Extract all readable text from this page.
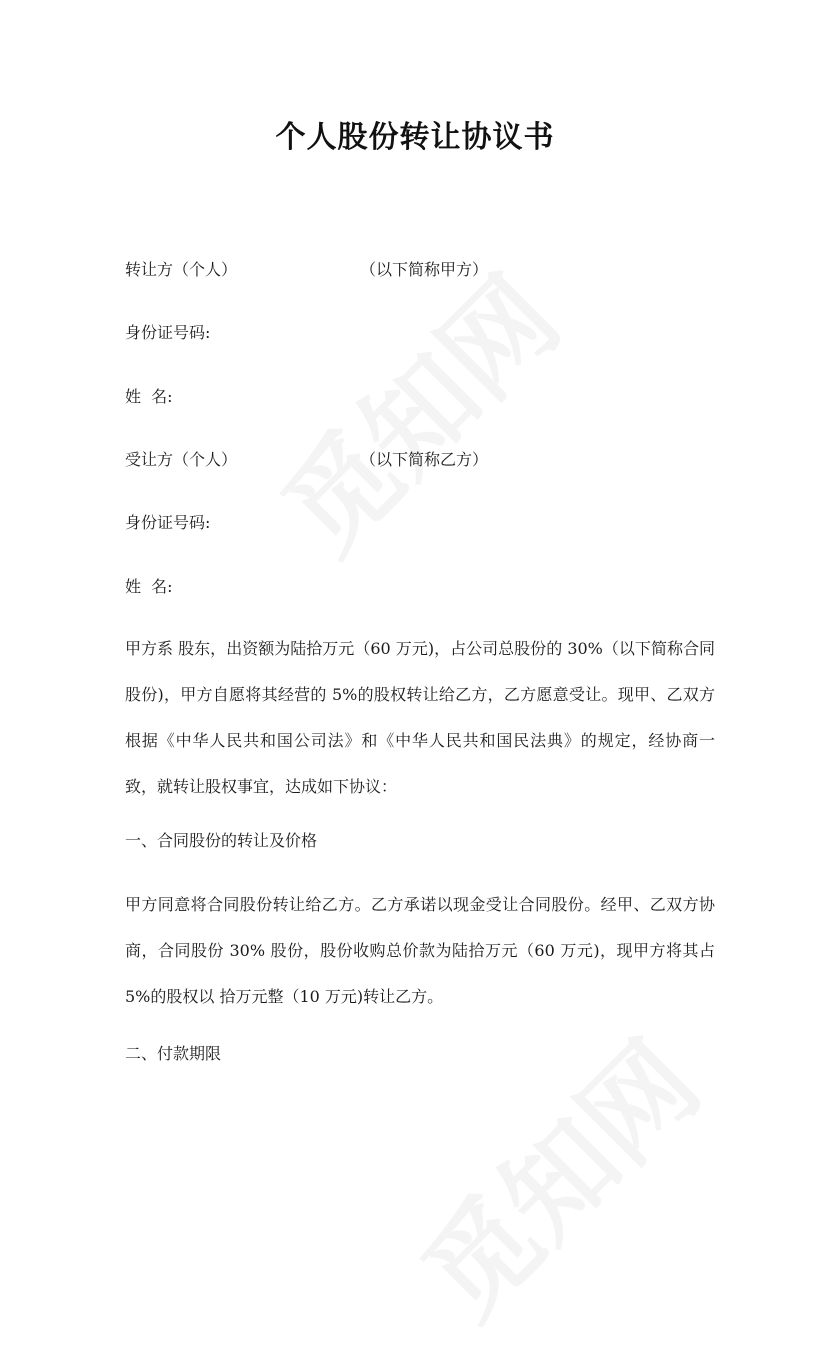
个人股份转让协议书
转让方（个人）	（以下简称甲方）
身份证号码:
姓  名:
受让方（个人）	（以下简称乙方）
身份证号码:
姓  名:
甲方系 股东，出资额为陆拾万元（60 万元)，占公司总股份的 30%（以下简称合同股份)，甲方自愿将其经营的 5%的股权转让给乙方，乙方愿意受让。现甲、乙双方根据《中华人民共和国公司法》和《中华人民共和国民法典》的规定，经协商一致，就转让股权事宜，达成如下协议：
一、合同股份的转让及价格
甲方同意将合同股份转让给乙方。乙方承诺以现金受让合同股份。经甲、乙双方协商，合同股份 30% 股份，股份收购总价款为陆拾万元（60 万元)，现甲方将其占 5%的股权以 拾万元整（10 万元)转让乙方。
二、付款期限
